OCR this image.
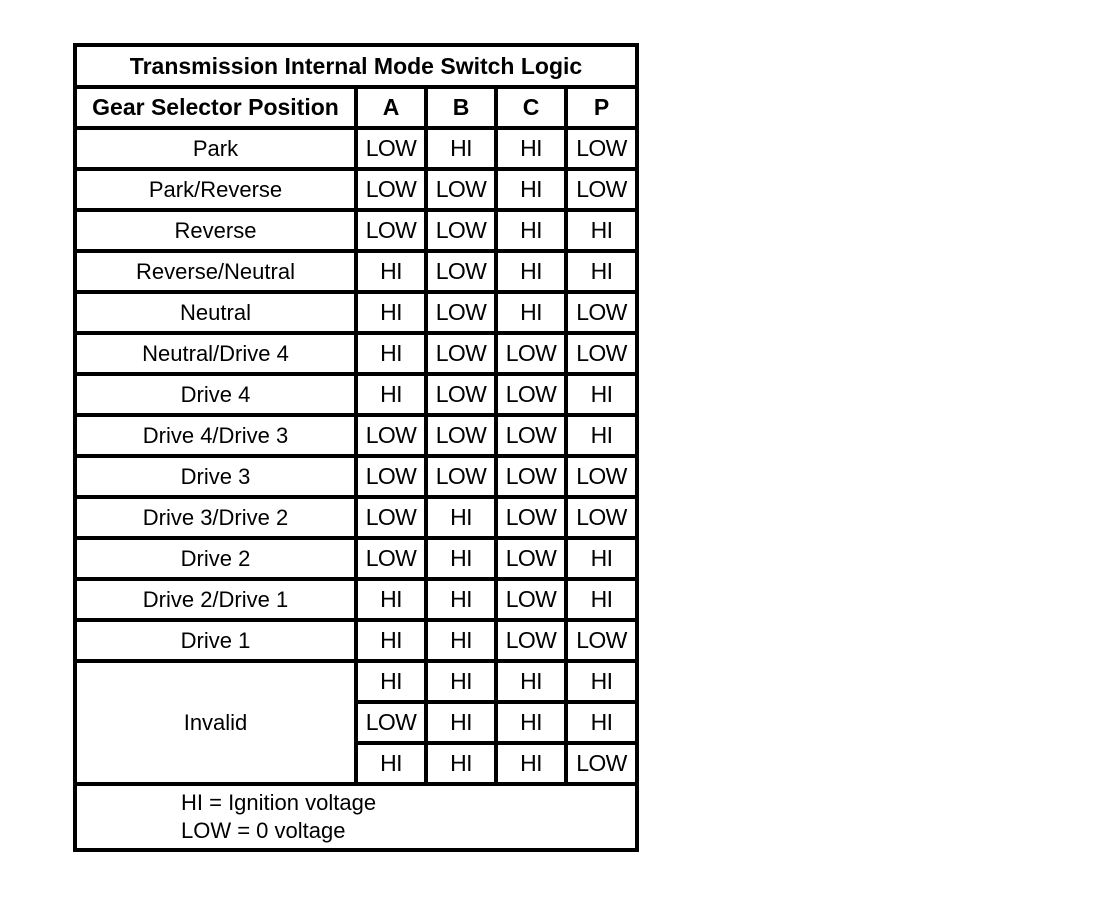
Transmission Internal Mode Switch Logic				
Gear Selector Position	A	B	C	P
Park	LOW	HI	HI	LOW
Park/Reverse	LOW	LOW	HI	LOW
Reverse	LOW	LOW	HI	HI
Reverse/Neutral	HI	LOW	HI	HI
Neutral	HI	LOW	HI	LOW
Neutral/Drive 4	HI	LOW	LOW	LOW
Drive 4	HI	LOW	LOW	HI
Drive 4/Drive 3	LOW	LOW	LOW	HI
Drive 3	LOW	LOW	LOW	LOW
Drive 3/Drive 2	LOW	HI	LOW	LOW
Drive 2	LOW	HI	LOW	HI
Drive 2/Drive 1	HI	HI	LOW	HI
Drive 1	HI	HI	LOW	LOW
Invalid	HI	HI	HI	HI
	LOW	HI	HI	HI
	HI	HI	HI	LOW

HI = Ignition voltage
LOW = 0 voltage				
